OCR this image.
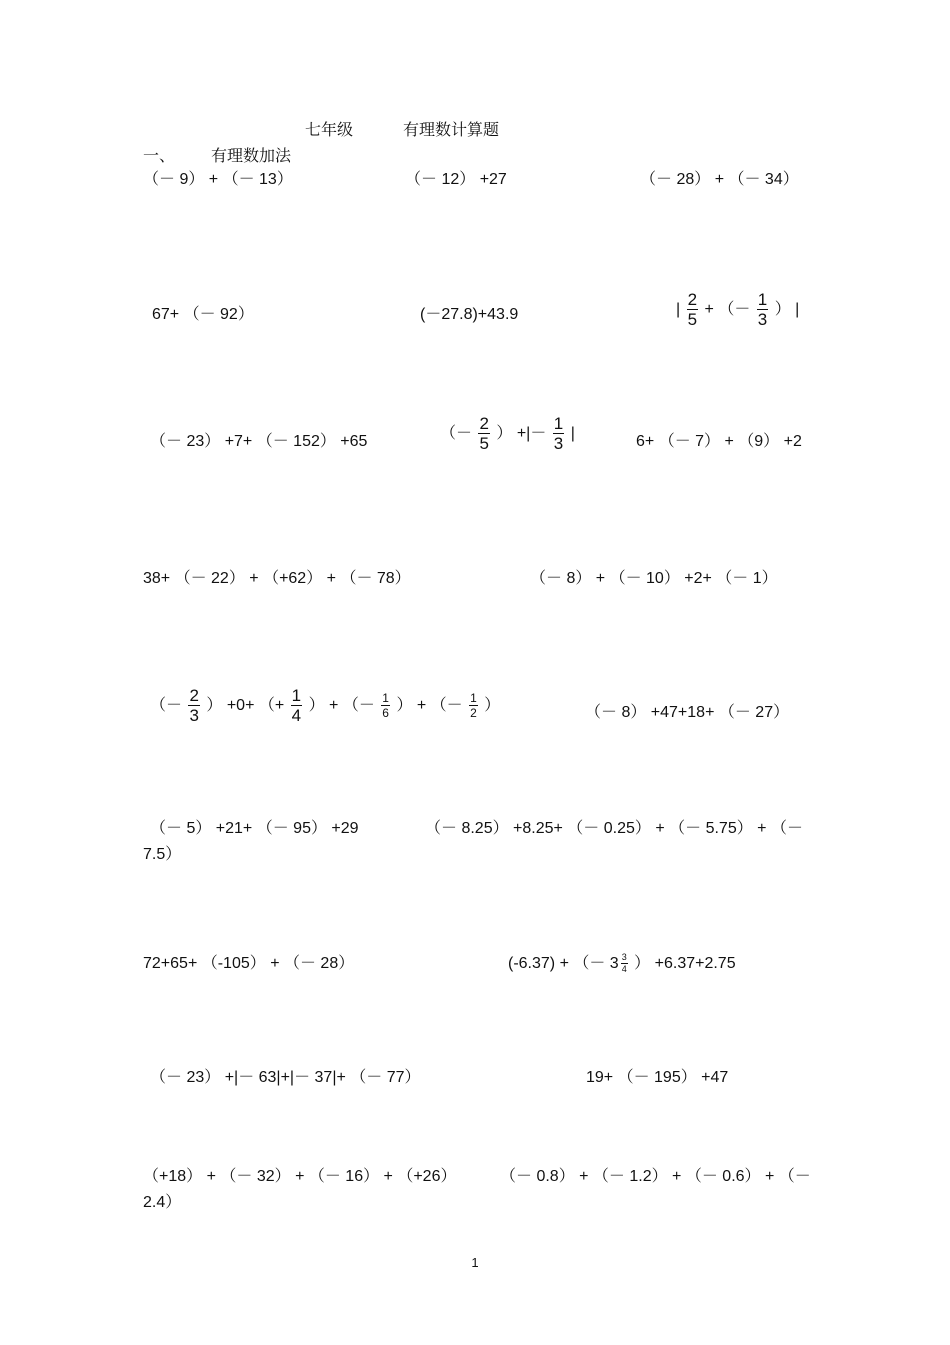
七年级	有理数计算题
一、 有理数加法
（－ 9） + （－ 13）	（－ 12） +27	（－ 28） + （－ 34）
67+ （－ 92）	(－27.8)+43.9	| $\frac{2}{5}$ + （－ $\frac{1}{3}$ ） |
（－ 23） +7+ （－ 152） +65	（－ $\frac{2}{5}$ ） +|－ $\frac{1}{3}$ |	6+ （－ 7） + （9） +2
38+ （－ 22） + （+62） + （－ 78）	（－ 8） + （－ 10） +2+ （－ 1）
（－ $\frac{2}{3}$ ） +0+ （+ $\frac{1}{4}$ ） + （－ $\frac{1}{6}$ ） + （－ $\frac{1}{2}$ ）	（－ 8） +47+18+ （－ 27）
（－ 5） +21+ （－ 95） +29	（－ 8.25） +8.25+ （－ 0.25） + （－ 5.75） + （－
7.5）
72+65+ （-105） + （－ 28）	(-6.37) + （－ $3 \frac{3}{4}$ ） +6.37+2.75
（－ 23） +|－ 63|+|－ 37|+ （－ 77）	19+ （－ 195） +47
（+18） + （－ 32） + （－ 16） + （+26）	（－ 0.8） + （－ 1.2） + （－ 0.6） + （－
2.4）
1
